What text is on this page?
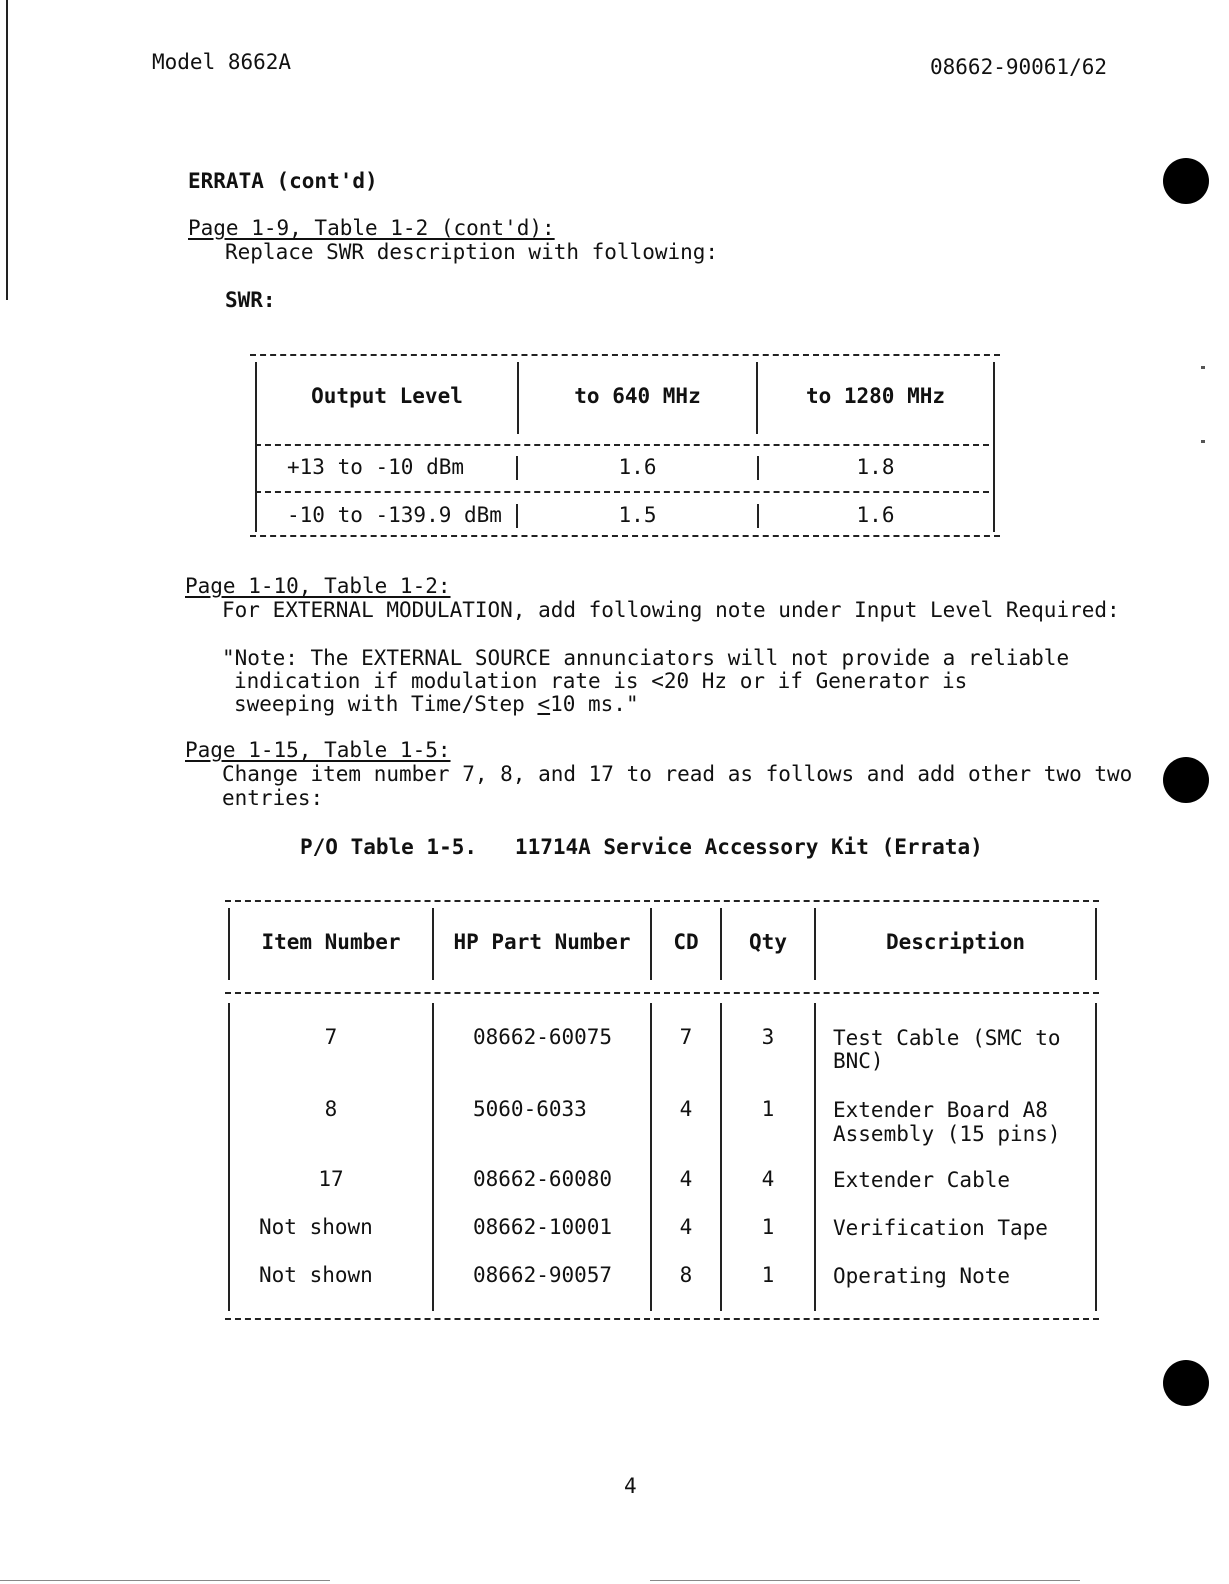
Model 8662A	08662-90061/62
ERRATA (cont'd)
Page 1-9, Table 1-2 (cont'd):
Replace SWR description with following:
SWR:
Output Level	to 640 MHz	to 1280 MHz
+13 to -10 dBm	1.6	1.8
-10 to -139.9 dBm	1.5	1.6
Page 1-10, Table 1-2:
For EXTERNAL MODULATION, add following note under Input Level Required:
"Note: The EXTERNAL SOURCE annunciators will not provide a reliable
indication if modulation rate is <20 Hz or if Generator is
sweeping with Time/Step ≤10 ms."
Page 1-15, Table 1-5:
Change item number 7, 8, and 17 to read as follows and add other two two
entries:
P/O Table 1-5.   11714A Service Accessory Kit (Errata)
Item Number	HP Part Number	CD	Qty	Description
7	08662-60075	7	3	Test Cable (SMC to
BNC)
8	5060-6033	4	1	Extender Board A8
Assembly (15 pins)
17	08662-60080	4	4	Extender Cable
Not shown	08662-10001	4	1	Verification Tape
Not shown	08662-90057	8	1	Operating Note
4
